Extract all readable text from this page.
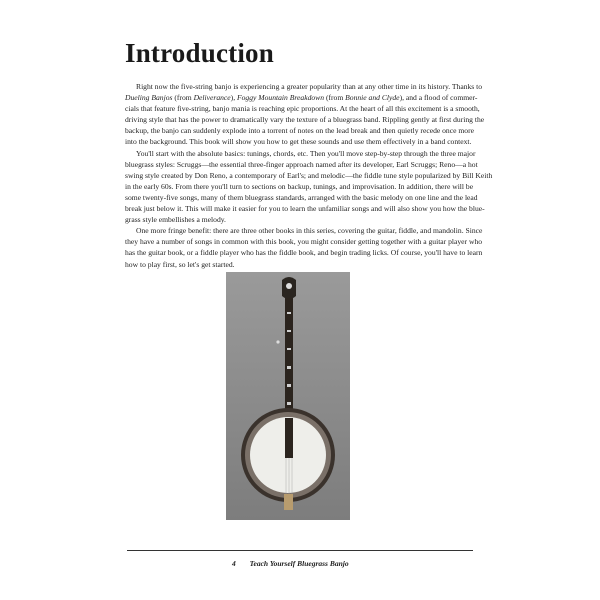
Introduction
Right now the five-string banjo is experiencing a greater popularity than at any other time in its history. Thanks to
Dueling Banjos (from Deliverance), Foggy Mountain Breakdown (from Bonnie and Clyde), and a flood of commer-
cials that feature five-string, banjo mania is reaching epic proportions. At the heart of all this excitement is a smooth,
driving style that has the power to dramatically vary the texture of a bluegrass band. Rippling gently at first during the
backup, the banjo can suddenly explode into a torrent of notes on the lead break and then quietly recede once more
into the background. This book will show you how to get these sounds and use them effectively in a band context.
You'll start with the absolute basics: tunings, chords, etc. Then you'll move step-by-step through the three major
bluegrass styles: Scruggs—the essential three-finger approach named after its developer, Earl Scruggs; Reno—a hot
swing style created by Don Reno, a contemporary of Earl's; and melodic—the fiddle tune style popularized by Bill Keith
in the early 60s. From there you'll turn to sections on backup, tunings, and improvisation. In addition, there will be
some twenty-five songs, many of them bluegrass standards, arranged with the basic melody on one line and the lead
break just below it. This will make it easier for you to learn the unfamiliar songs and will also show you how the blue-
grass style embellishes a melody.
One more fringe benefit: there are three other books in this series, covering the guitar, fiddle, and mandolin. Since
they have a number of songs in common with this book, you might consider getting together with a guitar player who
has the guitar book, or a fiddle player who has the fiddle book, and begin trading licks. Of course, you'll have to learn
how to play first, so let's get started.
4 Teach Yourself Bluegrass Banjo
